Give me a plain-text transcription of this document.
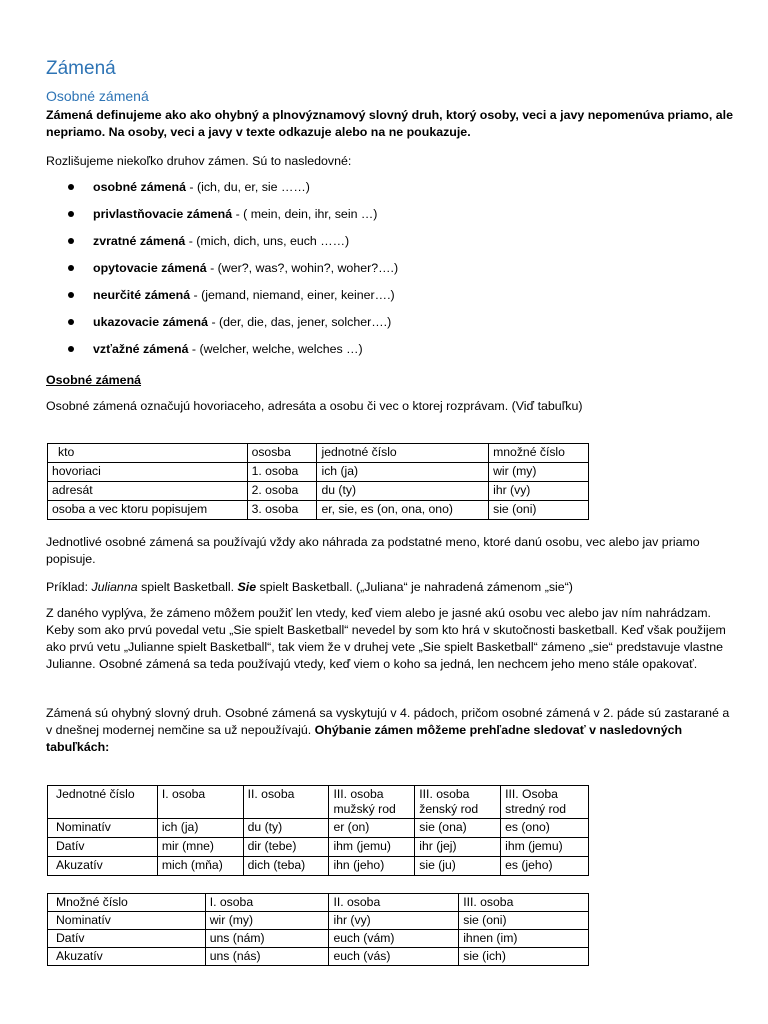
Zámená
Osobné zámená
Zámená definujeme ako ako ohybný a plnovýznamový slovný druh, ktorý osoby, veci a javy nepomenúva priamo, ale nepriamo. Na osoby, veci a javy v texte odkazuje alebo na ne poukazuje.
Rozlišujeme niekoľko druhov zámen. Sú to nasledovné:
osobné zámená - (ich, du, er, sie ……)
privlastňovacie zámená - ( mein, dein, ihr, sein …)
zvratné zámená - (mich, dich, uns, euch ……)
opytovacie zámená - (wer?, was?, wohin?, woher?….)
neurčité zámená - (jemand, niemand, einer, keiner….)
ukazovacie zámená - (der, die, das, jener, solcher….)
vzťažné zámená - (welcher, welche, welches …)
Osobné zámená
Osobné zámená označujú hovoriaceho, adresáta a osobu či vec o ktorej rozprávam. (Viď tabuľku)
kto	ososba	jednotné číslo	množné číslo
hovoriaci	1. osoba	ich (ja)	wir (my)
adresát	2. osoba	du (ty)	ihr (vy)
osoba a vec ktoru popisujem	3. osoba	er, sie, es (on, ona, ono)	sie (oni)
Jednotlivé osobné zámená sa používajú vždy ako náhrada za podstatné meno, ktoré danú osobu, vec alebo jav priamo popisuje.
Príklad: Julianna spielt Basketball. Sie spielt Basketball. („Juliana“ je nahradená zámenom „sie“)
Z daného vyplýva, že zámeno môžem použiť len vtedy, keď viem alebo je jasné akú osobu vec alebo jav ním nahrádzam. Keby som ako prvú povedal vetu „Sie spielt Basketball“ nevedel by som kto hrá v skutočnosti basketball. Keď však použijem ako prvú vetu „Julianne spielt Basketball“, tak viem že v druhej vete „Sie spielt Basketball“ zámeno „sie“ predstavuje vlastne Julianne. Osobné zámená sa teda používajú vtedy, keď viem o koho sa jedná, len nechcem jeho meno stále opakovať.
Zámená sú ohybný slovný druh. Osobné zámená sa vyskytujú v 4. pádoch, pričom osobné zámená v 2. páde sú zastarané a v dnešnej modernej nemčine sa už nepoužívajú. Ohýbanie zámen môžeme prehľadne sledovať v nasledovných tabuľkách:
Jednotné číslo	I. osoba	II. osoba	III. osoba mužský rod	III. osoba ženský rod	III. Osoba stredný rod
Nominatív	ich (ja)	du (ty)	er (on)	sie (ona)	es (ono)
Datív	mir (mne)	dir (tebe)	ihm (jemu)	ihr (jej)	ihm (jemu)
Akuzatív	mich (mňa)	dich (teba)	ihn (jeho)	sie (ju)	es (jeho)
Množné číslo	I. osoba	II. osoba	III. osoba
Nominatív	wir (my)	ihr (vy)	sie (oni)
Datív	uns (nám)	euch (vám)	ihnen (im)
Akuzatív	uns (nás)	euch (vás)	sie (ich)
